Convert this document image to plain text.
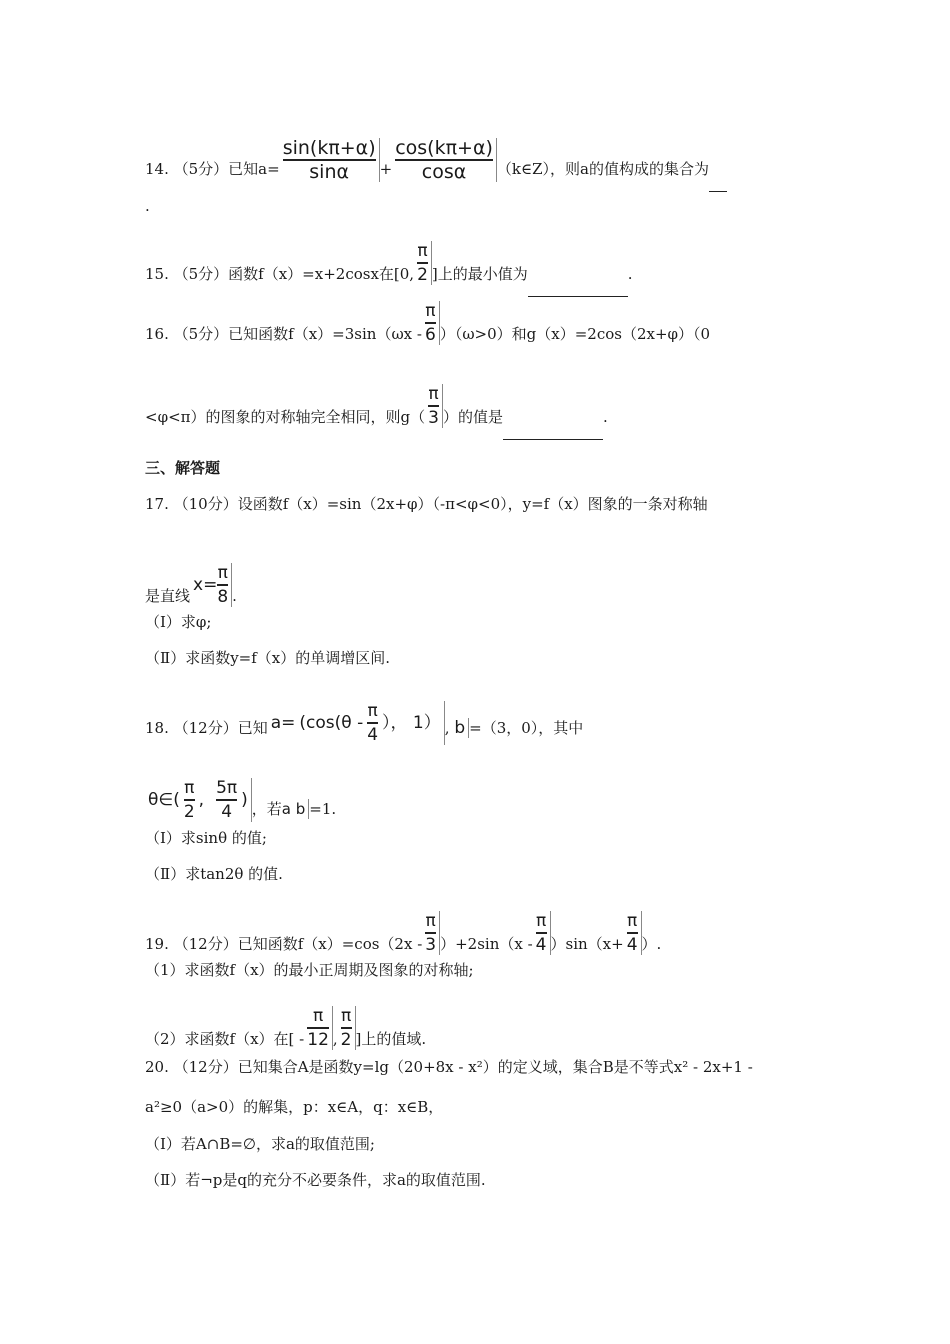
14. （5分）已知$a= \frac{\sin(k\pi+\alpha)}{\sin\alpha} + \frac{\cos(k\pi+\alpha)}{\cos\alpha}$ （k∈Z），则a的值构成的集合为
.
15. （5分）函数f（x）=x+2cosx在[0, $\frac{\pi}{2}$ ]上的最小值为	.
16. （5分）已知函数$f(x)=3\sin(\omega x - \frac{\pi}{6} )(\omega>0)$和g（x）=2cos（2x+φ）（0
<φ<π）的图象的对称轴完全相同，则$g( \frac{\pi}{3}$ ）的值是	.
三、解答题
17. （10分）设函数f（x）=sin（2x+φ）（-π<φ<0），y=f（x）图象的一条对称轴
是直线
$x= \frac{\pi}{8}$ .
（Ⅰ）求φ;
（Ⅱ）求函数y=f（x）的单调增区间.
18. （12分）已知 $a= (\cos(\theta - \frac{\pi}{4}$ ）， 1） , b =（3，0），其中
θ∈( $\frac{\pi}{2}$ , $\frac{5\pi}{4}$ ) ，若a b =1.
（Ⅰ）求sinθ 的值;
（Ⅱ）求tan2θ 的值.
19. （12分）已知函数$f(x)=\cos(2x - \frac{\pi}{3} )+2\sin(x - \frac{\pi}{4} )\sin(x+ \frac{\pi}{4}$ ）.
（1）求函数f（x）的最小正周期及图象的对称轴;
（2）求函数f（x）在[ - $\frac{\pi}{12}$ , $\frac{\pi}{2}$ ]上的值域.
20. （12分）已知集合A是函数y=lg（20+8x - x²）的定义域，集合B是不等式x² - 2x+1 -
a²≥0（a>0）的解集，p：x∈A，q：x∈B，
（Ⅰ）若A∩B=∅，求a的取值范围;
（Ⅱ）若¬p是q的充分不必要条件，求a的取值范围.
